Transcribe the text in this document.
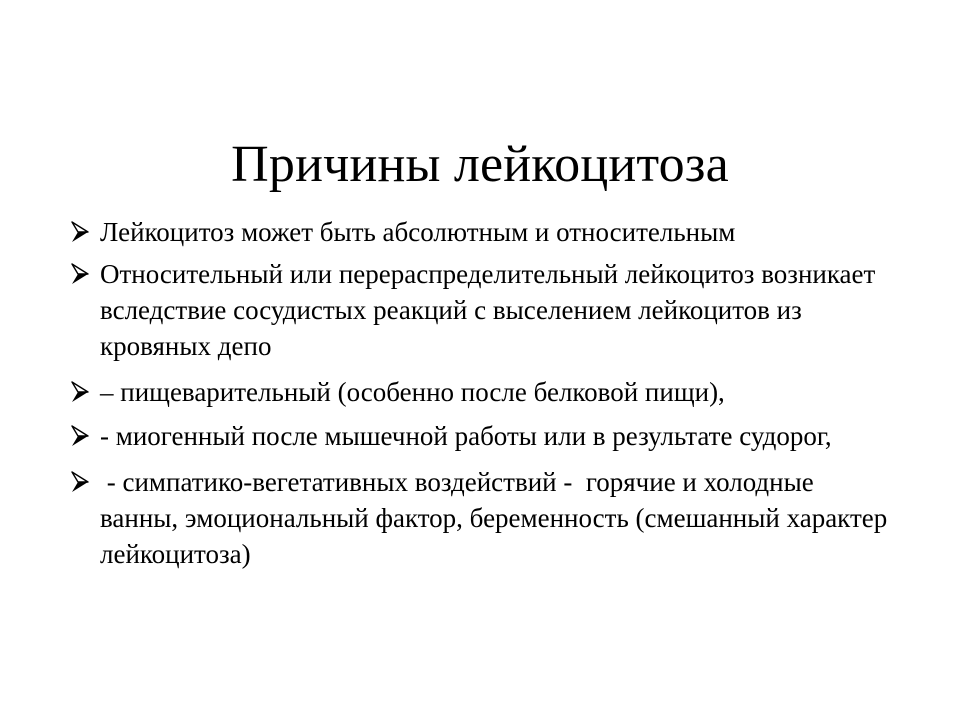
Причины лейкоцитоза
Лейкоцитоз может быть абсолютным и относительным
Относительный или перераспределительный лейкоцитоз возникает вследствие сосудистых реакций с выселением лейкоцитов из кровяных депо
– пищеварительный (особенно после белковой пищи),
- миогенный после мышечной работы или в результате судорог,
- симпатико-вегетативных воздействий -  горячие и холодные ванны, эмоциональный фактор, беременность (смешанный характер лейкоцитоза)
